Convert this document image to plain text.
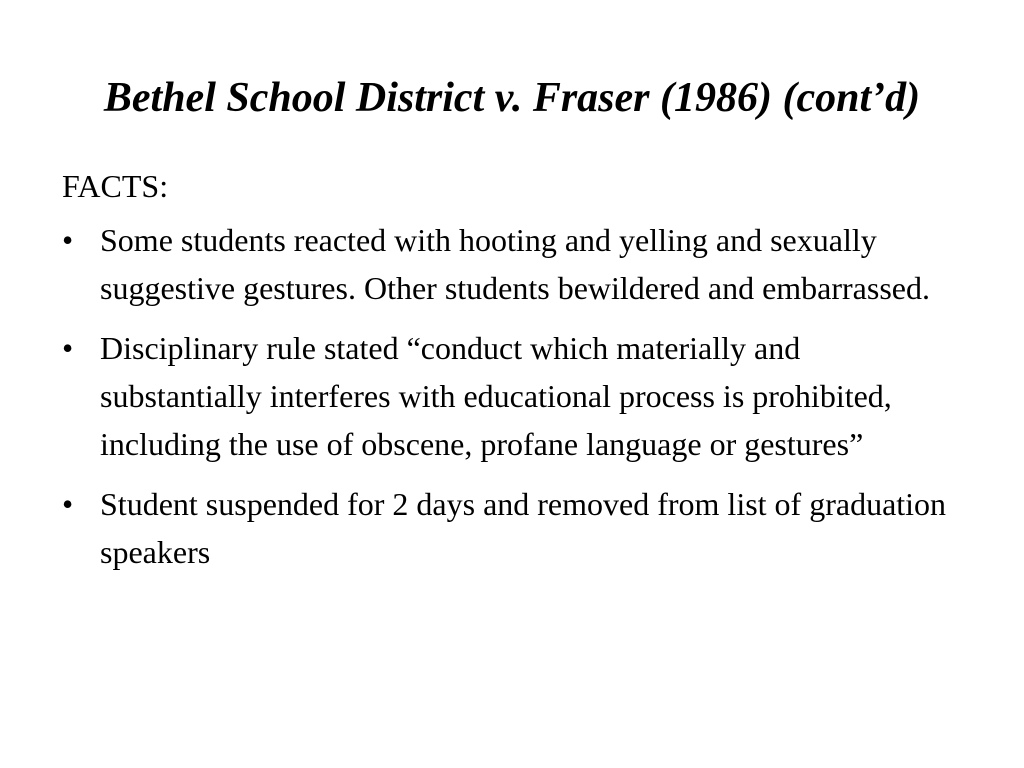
Bethel School District v. Fraser (1986) (cont’d)
FACTS:
• Some students reacted with hooting and yelling and sexually suggestive gestures. Other students bewildered and embarrassed.
• Disciplinary rule stated “conduct which materially and substantially interferes with educational process is prohibited, including the use of obscene, profane language or gestures”
• Student suspended for 2 days and removed from list of graduation speakers
